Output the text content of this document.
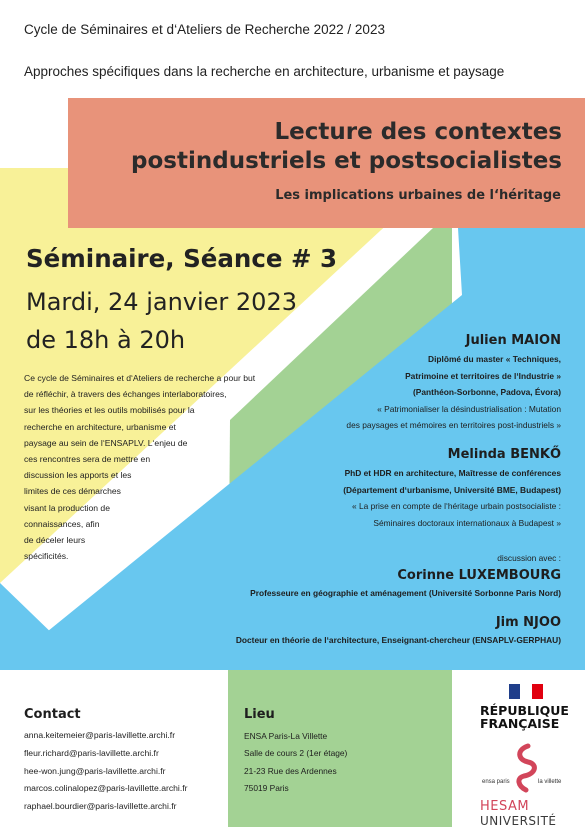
Cycle de Séminaires et d‘Ateliers de Recherche 2022 / 2023
Approches spécifiques dans la recherche en architecture, urbanisme et paysage
Lecture des contextes
postindustriels et postsocialistes
Les implications urbaines de l‘héritage
Séminaire, Séance # 3
Mardi, 24 janvier 2023
de 18h à 20h
Ce cycle de Séminaires et d‘Ateliers de recherche a pour but
de réfléchir, à travers des échanges interlaboratoires,
sur les théories et les outils mobilisés pour la
recherche en architecture, urbanisme et
paysage au sein de l‘ENSAPLV. L‘enjeu de
ces rencontres sera de mettre en
discussion les apports et les
limites de ces démarches
visant la production de
connaissances, afin
de déceler leurs
spécificités.
Julien MAION
Diplômé du master « Techniques,
Patrimoine et territoires de l‘Industrie »
(Panthéon-Sorbonne, Padova, Évora)
« Patrimonialiser la désindustrialisation : Mutation
des paysages et mémoires en territoires post-industriels »
Melinda BENKŐ
PhD et HDR en architecture, Maîtresse de conférences
(Département d‘urbanisme, Université BME, Budapest)
« La prise en compte de l‘héritage urbain postsocialiste :
Séminaires doctoraux internationaux à Budapest »
discussion avec :
Corinne LUXEMBOURG
Professeure en géographie et aménagement (Université Sorbonne Paris Nord)
Jim NJOO
Docteur en théorie de l‘architecture, Enseignant-chercheur (ENSAPLV-GERPHAU)
Contact
anna.keitemeier@paris-lavillette.archi.fr
fleur.richard@paris-lavillette.archi.fr
hee-won.jung@paris-lavillette.archi.fr
marcos.colinalopez@paris-lavillette.archi.fr
raphael.bourdier@paris-lavillette.archi.fr
Lieu
ENSA Paris-La Villette
Salle de cours 2 (1er étage)
21-23 Rue des Ardennes
75019 Paris
RÉPUBLIQUE
FRANÇAISE
ensa paris	la villette
HESAM
UNIVERSITÉ
